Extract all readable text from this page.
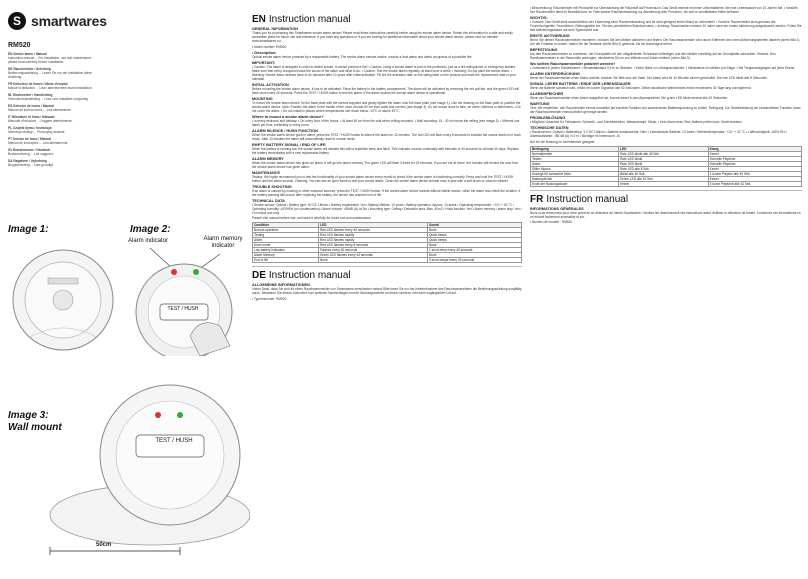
S smartwares
RM520
EN Smoke alarm / Manual
Instruction manual ... For installation, use and maintenance please read carefully before installation.
DE Rauchmelder / Anleitung
Bedienungsanleitung ... Lesen Sie vor der Installation diese Anleitung.
FR Détecteur de fumée / Mode d'emploi
Manuel d'utilisation ... Lisez attentivement avant installation.
NL Rookmelder / Handleiding
Gebruikershandleiding ... Lees voor installatie zorgvuldig.
ES Detector de humo / Manual
Manual de instrucciones ... Lea atentamente.
IT Rilevatore di fumo / Manuale
Manuale d'istruzioni ... Leggere attentamente.
PL Czujnik dymu / Instrukcja
Instrukcja obsługi ... Przeczytaj uważnie.
PT Detetor de fumo / Manual
Manual de instruções ... Leia atentamente.
SV Brandvarnare / Handbok
Bruksanvisning ... Läs noggrant.
DA Røgalarm / Vejledning
Brugsanvisning ... Læs grundigt.
Image 1:	Image 2:
Alarm indicator	Alarm memory indicator
TEST / HUSH
Image 3:
Wall mount
TEST / HUSH
50cm
EN Instruction manual
GENERAL INFORMATION
Thank you for purchasing this Smartwares smoke alarm device! Please read these instructions carefully before using the smoke alarm device. Retain this information in a safe and easily accessible place for future use and reference. If you have any questions or if you are looking for additional information about your smoke alarm device, please visit our website www.smartwares.eu.
• Model number: RM520
• Description:
Optical smoke alarm device powered by a replaceable battery. The smoke alarm senses smoke, sounds a loud alarm and alerts occupants of a possible fire.
IMPORTANT:
• Caution: The alarm is designed in order to detect smoke. It cannot prevent a fire! • Caution: Using a smoke alarm is part of the protection, just as a fire extinguisher or emergency ladders. Make sure that every occupant knows the sound of the alarm and what to do. • Caution: Test the smoke alarm regularly, at least once a week. • Warning: Do not paint the smoke alarm. • Warning: Smoke alarm devices have to be replaced after 10 years after initial activation. Fill out the activation date on the rating label on the product and mark the replacement date in your calendar.
INITIAL ACTIVATION
Before mounting the smoke alarm device, it has to be activated. Place the battery in the battery compartment. The alarm will be activated by removing the red pull tab, and the green LED will flash once every 40 seconds. Press the TEST / HUSH button to test the alarm. If the alarm sounds the smoke alarm device is operational.
MOUNTING
To mount the smoke alarm device: fix the base plate with the screws supplied and gently tighten the alarm onto the base plate (see image 1). Use the drawing on the base plate to position the smoke alarm device. Note: Position the alarm in the middle of the room at least 50 cm from walls and corners (see image 3). Do not mount close to fans, air vents, kitchens or bathrooms. • Do not cover the alarm. • Do not install in places where temperatures can reach below -10°C or above 40°C.
Where to mount a smoke alarm device?
• In every bedroom and hallway. • On every floor of the house. • At least 50 cm from the wall when ceiling mounted. • Wall mounting: 15 - 30 cm below the ceiling (see image 3). • Minimal one alarm per floor, preferably in every room.
ALARM SILENCE / HUSH FUNCTION
When the smoke alarm device goes in alarm, press the TEST / HUSH button to silence the alarm for 10 minutes. The red LED will flash every 8 seconds to indicate the smoke alarm is in hush mode. After 10 minutes the alarm will automatically reset to normal mode.
EMPTY BATTERY SIGNAL / END OF LIFE
When the battery is running low, the smoke alarm will indicate this with a repetitive beep and flash. This indicator sounds continually with intervals of 40 seconds for at least 30 days. Replace the battery immediately with a new replaceable battery.
ALARM MEMORY
When the smoke alarm device has given an alarm, it will go into alarm memory. The green LED will flash 3 times for 43 seconds. If you are not at home, the function will remind the user that the smoke alarm device has given alarm.
MAINTENANCE
Testing: We highly recommend you to test the functionality of your smoke alarm device every month to check if the smoke alarm is functioning correctly. Press and hold the TEST / HUSH button until the alarm sounds. Cleaning: You can use an open flame to test your smoke alarm. Clean the smoke alarm device at least once a year with a soft brush or vacuum cleaner.
TROUBLE SHOOTING
If an alarm is caused by cooking or other nuisance sources, press the TEST / HUSH button. If the smoke alarm device sounds without visible smoke, clean the alarm and check the location. If the battery warning still occurs after replacing the battery, the device has reached end of life.
TECHNICAL DATA
• Smoke sensor: Optical • Battery type: 9V DC Lithium • Battery replaceable: Yes • Battery lifetime: 10 years • Battery operation: Approx. 10 years • Operating temperature: +10 / + 40 °C • Operating humidity: ≤93%RH (no condensation) • Alarm volume: >85dB (A) at 3m • Mounting type: Ceiling • Detection area: Max. 40m2 • Hush function: Yes • Alarm memory / alarm duty: Yes • For indoor use only
Please visit manual before use, and store it carefully for future use and maintenance.
Condition	LED	Sound
Normal operation	Red LED flashes every 40 seconds	None
Testing	Red LED flashes rapidly	Quick beeps
Alarm	Red LED flashes rapidly	Quick beeps
Hush mode	Red LED flashes every 8 seconds	None
Low battery indication	Flashes every 40 seconds	1 short beep every 40 seconds
Alarm Memory	Green LED flashes every 43 seconds	None
End of life	None	3 short beeps every 43 seconds
DE Instruction manual
ALLGEMEINE INFORMATIONEN
Vielen Dank, dass Sie sich für einen Rauchwarnmelder von Smartwares entschieden haben! Bitte lesen Sie vor der Inbetriebnahme des Rauchwarnmelders die Bedienungsanleitung sorgfältig durch. Bewahren Sie dieses Dokument zum späteren Nachschlagen und für Wartungszwecke an einem sicheren und leicht zugänglichen Ort auf.
• Typennummer: RM520
• Beschreibung: Rauchmelder mit Photozelle zur Überwachung der Raumluft auf Feuerrauch. Das Gerät erkennt mit einer Lithiumbatterie, die eine Lebensdauer von 10 Jahren hat. • Vorsicht: Der Rauchmelder dient im Brandfall bzw. im Falle starker Rauchentwicklung zur Alarmierung aller Personen, die sich in unmittelbarer Nähe befinden.
WICHTIG:
• Vorsicht: Das Gerät dient ausschließlich der Erkennung einer Rauchentwicklung und ist nicht geeignet einen Brand zu verhindern! • Vorsicht: Rauchmelder sind genauso wie Feuerlöschgeräte, Feuerleitern, Rettungsleiter etc. Teil des persönlichen Brandschutzes. • Achtung: Rauchmelder müssen 10 Jahre nach der ersten Aktivierung ausgetauscht werden. Füllen Sie das Aktivierungsdatum auf dem Typenschild aus.
ERSTE AKTIVIERUNG
Bevor Sie diesen Rauchwarnmelder montieren, müssen Sie den Melder aktivieren und testen. Der Rauchwarnmelder wird durch Entfernen des roten Aktivierungsstreifen aktiviert (siehe Bild 1). Um die Funktion zu testen, halten Sie die Testtaste (siehe Bild 2) gedrückt, bis ein Alarmsignal ertönt.
BEFESTIGUNG
Um den Rauchwarnmelder zu montieren, die Grundplatte mit den mitgelieferten Schrauben befestigen und den Melder vorsichtig auf die Grundplatte schrauben. Hinweis: Den Rauchwarnmelder in der Raummitte anbringen, mindestens 50 cm von Wänden und Ecken entfernt (siehe Bild 3).
Wo sollten Rauchwarnmelder platziert werden?
• Zumindest in jedem Schlafzimmer. • Mindestabstand 0,5 m zu Wänden. • Keine Nähe zu Lüftungsschächten. • Mindestens ein Melder pro Etage. • Bei Treppenaufgängen auf jeder Ebene.
ALARM UNTERDRÜCKUNG
Wenn der Rauchwarnmelder einen Alarm auslöst, drücken Sie bitte kurz die Taste. Der Alarm wird für 10 Minuten stumm geschaltet. Die rote LED blinkt alle 8 Sekunden.
SIGNAL LEERE BATTERIE / ENDE DER LEBENSDAUER
Wenn die Batterie schwach wird, ertönt ein kurzer Signalton alle 40 Sekunden. Dieser akustische Warnhinweis ertönt mindestens 30 Tage lang durchgehend.
ALARMSPEICHER
Wenn der Rauchwarnmelder einen Alarm ausgelöst hat, kommt dieser in den Alarmspeicher. Die grüne LED blinkt dreimal alle 43 Sekunden.
WARTUNG
Test: Wir empfehlen, den Rauchmelder einmal monatlich auf korrekte Funktion und ausreichende Batteriespannung zu prüfen. Reinigung: Zur Gewährleistung der einwandfreien Funktion muss der Rauchwarnmelder einmal jährlich gereinigt werden.
PROBLEMLÖSUNG
• Mögliche Ursachen für Fehlalarme: Schweiß-, und Schleifarbeiten, Wasserdampf, Staub. • Kein Alarm beim Test: Batterie prüfen bzw. Gerät ersetzen.
TECHNISCHE DATEN
• Rauchsensor: Optisch • Batterietyp: 3 V DC Lithium • Batterie austauschbar: Nein • Lebensdauer Batterie: 10 Jahre • Betriebstemperatur: +10 / + 40 °C • Luftfeuchtigkeit: ≤93% RH • Alarmlautstärke: >85 dB (A) in 3 m • Montage im Innenraum: Ja
Nur für die Nutzung im Innenbereich geeignet.
Bedingung	LED	Klang
Normalbetrieb	Rote LED blinkt alle 40 Sek.	Keiner
Testen	Rote LED blinkt	Schnelle Pieptöne
Alarm	Rote LED blinkt	Schnelle Pieptöne
Stiller Modus	Rote LED alle 8 Sek.	Keiner
Anzeige für schwache Akku	Blinkt alle 40 Sek.	1 kurzer Piepton alle 40 Sek.
Alarmspeicher	Grüne LED alle 43 Sek.	Keiner
Ende der Nutzungsdauer	Keiner	3 kurze Pieptöne alle 43 Sek.
FR Instruction manual
INFORMATIONS GÉNÉRALES
Nous vous remercions pour votre achat de ce détecteur de fumée Smartwares ! Veuillez lire attentivement ces instructions avant d'utiliser le détecteur de fumée. Conservez ces informations en un endroit facilement accessible et sûr.
• Numéro de modèle : RM520
